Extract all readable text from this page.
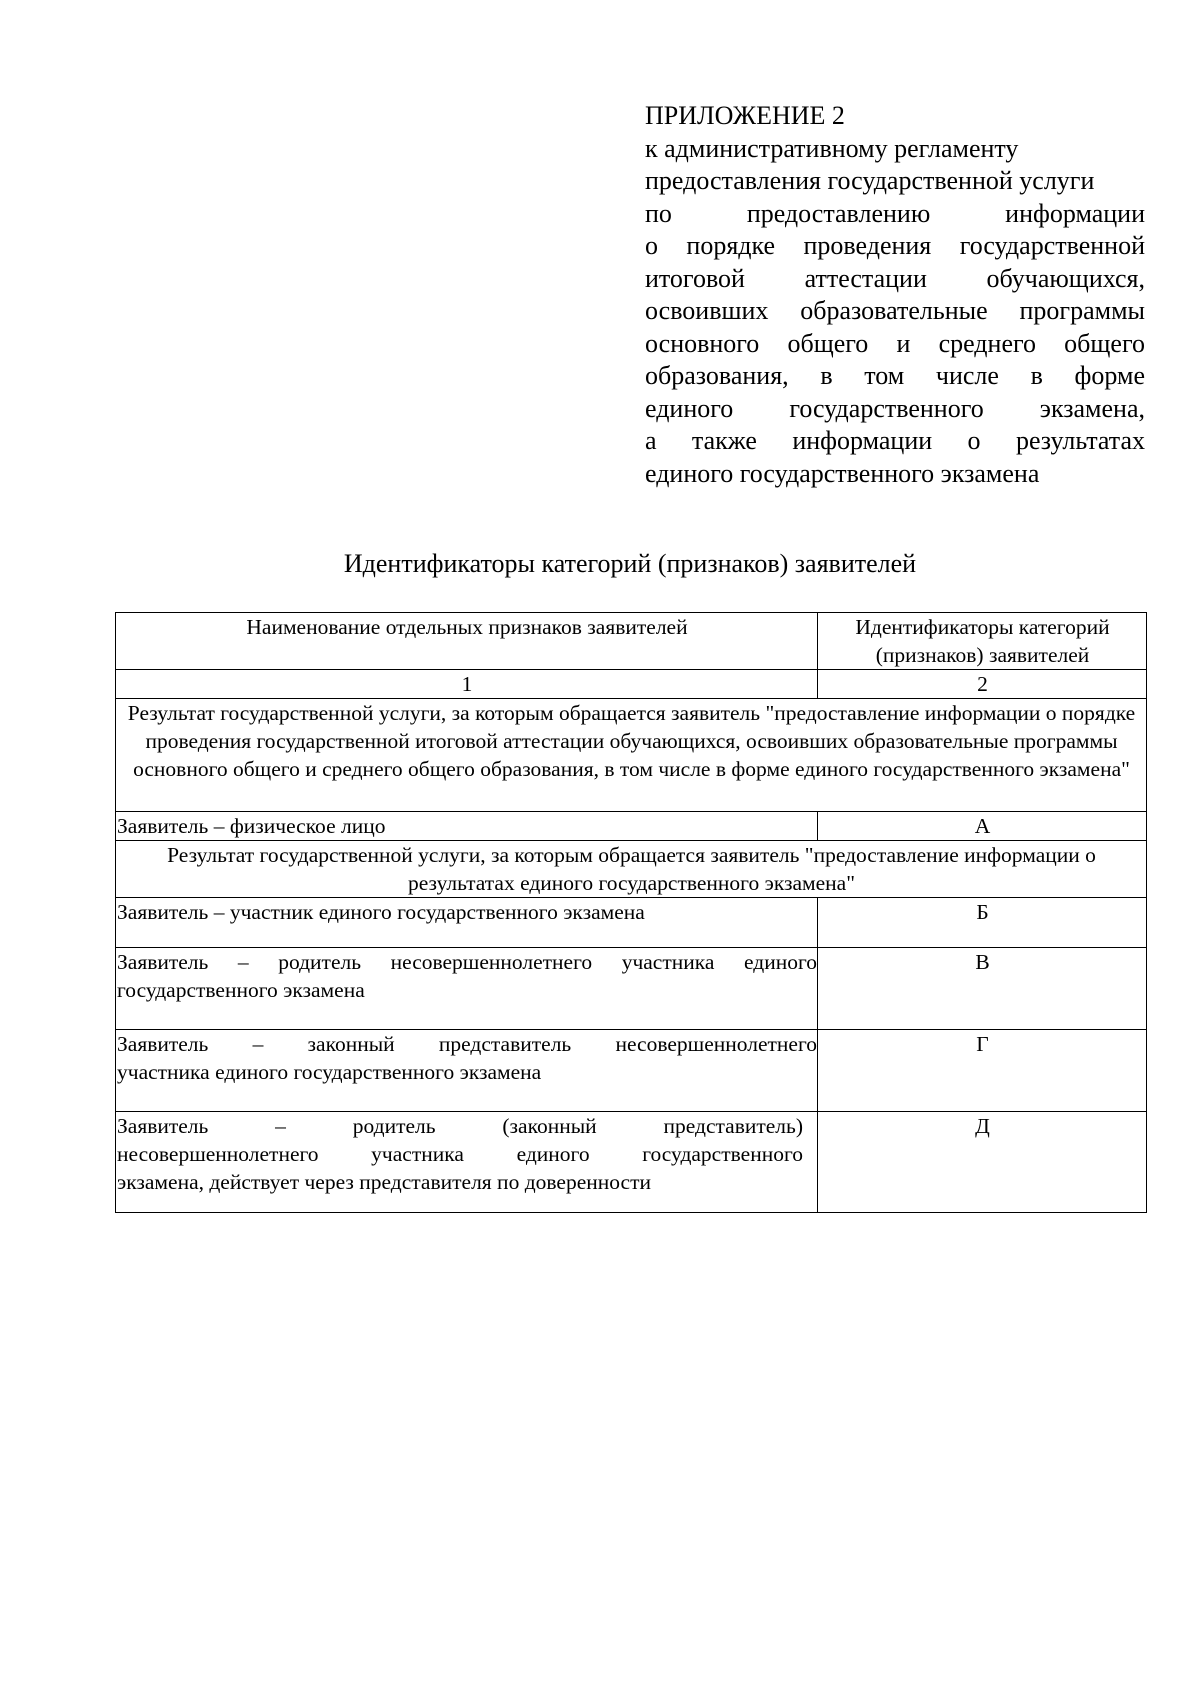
ПРИЛОЖЕНИЕ 2
к административному регламенту
предоставления государственной услуги
по предоставлению информации
о порядке проведения государственной
итоговой аттестации обучающихся,
освоивших образовательные программы
основного общего и среднего общего
образования, в том числе в форме
единого государственного экзамена,
а также информации о результатах
единого государственного экзамена
Идентификаторы категорий (признаков) заявителей
Наименование отдельных признаков заявителей	Идентификаторы категорий (признаков) заявителей
1	2
Результат государственной услуги, за которым обращается заявитель "предоставление информации о порядке проведения государственной итоговой аттестации обучающихся, освоивших образовательные программы основного общего и среднего общего образования, в том числе в форме единого государственного экзамена"	
Заявитель – физическое лицо	А
Результат государственной услуги, за которым обращается заявитель "предоставление информации о результатах единого государственного экзамена"	
Заявитель – участник единого государственного экзамена	Б

Заявитель – родитель несовершеннолетнего участника единого
государственного экзамена	В

Заявитель – законный представитель несовершеннолетнего
участника единого государственного экзамена	Г

Заявитель – родитель (законный представитель)
несовершеннолетнего участника единого государственного
экзамена, действует через представителя по доверенности	Д
